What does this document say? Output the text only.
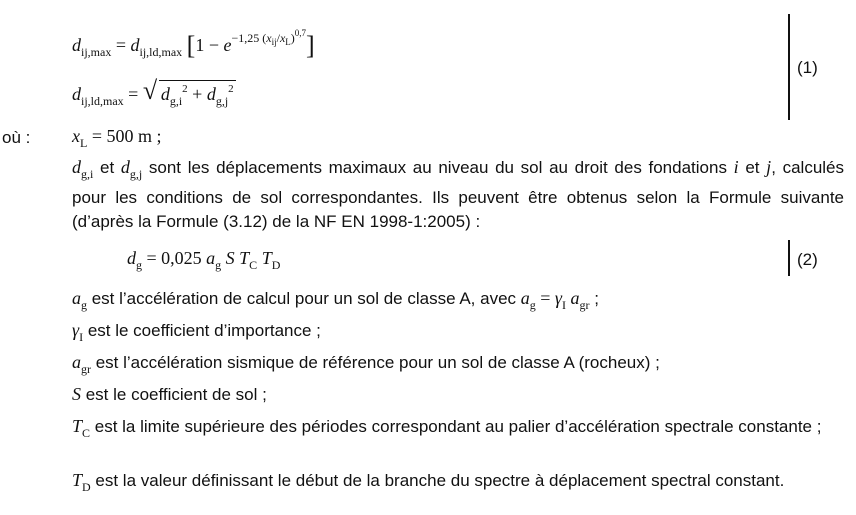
$d_{ij,max} = d_{ij,ld,max}$ $[1 - e^{-1,25 (x_{ij}/x_L)^{0,7}}]$
$d_{ij,ld,max}$ = √ $d_{g,i}^2 + d_{g,j}^2$
(1)
où : $x_L = 500$ m ;
$d_{g,i}$ et $d_{g,j}$ sont les déplacements maximaux au niveau du sol au droit des fondations i et j, calculés pour les conditions de sol correspondantes. Ils peuvent être obtenus selon la Formule suivante (d’après la Formule (3.12) de la NF EN 1998-1:2005) :
$d_g = 0,025$ $a_g$ S $T_C$ $T_D$	(2)
$a_g$ est l’accélération de calcul pour un sol de classe A, avec $a_g = \gamma_I$ $a_{gr}$ ;
$\gamma_I$ est le coefficient d’importance ;
$a_{gr}$ est l’accélération sismique de référence pour un sol de classe A (rocheux) ;
S est le coefficient de sol ;
$T_C$ est la limite supérieure des périodes correspondant au palier d’accélération spectrale constante ;
$T_D$ est la valeur définissant le début de la branche du spectre à déplacement spectral constant.
